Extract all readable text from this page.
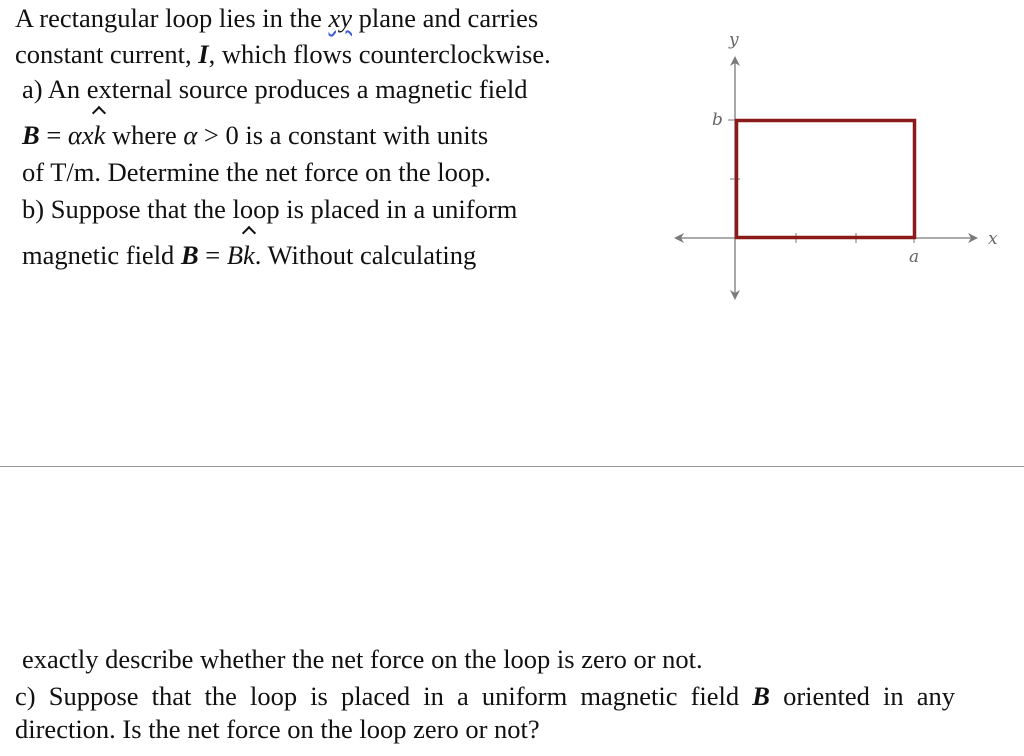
A rectangular loop lies in the xy plane and carries
constant current, I, which flows counterclockwise.
a) An external source produces a magnetic field
B = αxk where α > 0 is a constant with units
of T/m. Determine the net force on the loop.
b) Suppose that the loop is placed in a uniform
magnetic field B = Bk. Without calculating
exactly describe whether the net force on the loop is zero or not.
c) Suppose that the loop is placed in a uniform magnetic field B oriented in any
direction. Is the net force on the loop zero or not?
y
x
b
a
